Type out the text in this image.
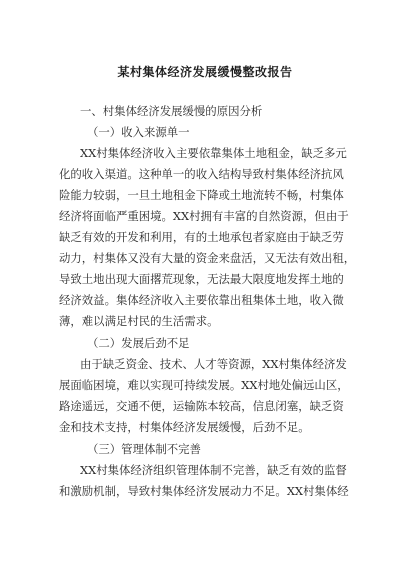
某村集体经济发展缓慢整改报告
一、村集体经济发展缓慢的原因分析
（一）收入来源单一
XX村集体经济收入主要依靠集体土地租金，缺乏多元
化的收入渠道。这种单一的收入结构导致村集体经济抗风
险能力较弱，一旦土地租金下降或土地流转不畅，村集体
经济将面临严重困境。XX村拥有丰富的自然资源，但由于
缺乏有效的开发和利用，有的土地承包者家庭由于缺乏劳
动力，村集体又没有大量的资金来盘活，又无法有效出租，
导致土地出现大面撂荒现象，无法最大限度地发挥土地的
经济效益。集体经济收入主要依靠出租集体土地，收入微
薄，难以满足村民的生活需求。
（二）发展后劲不足
由于缺乏资金、技术、人才等资源，XX村集体经济发
展面临困境，难以实现可持续发展。XX村地处偏远山区，
路途遥远，交通不便，运输陈本较高，信息闭塞，缺乏资
金和技术支持，村集体经济发展缓慢，后劲不足。
（三）管理体制不完善
XX村集体经济组织管理体制不完善，缺乏有效的监督
和激励机制，导致村集体经济发展动力不足。XX村集体经
